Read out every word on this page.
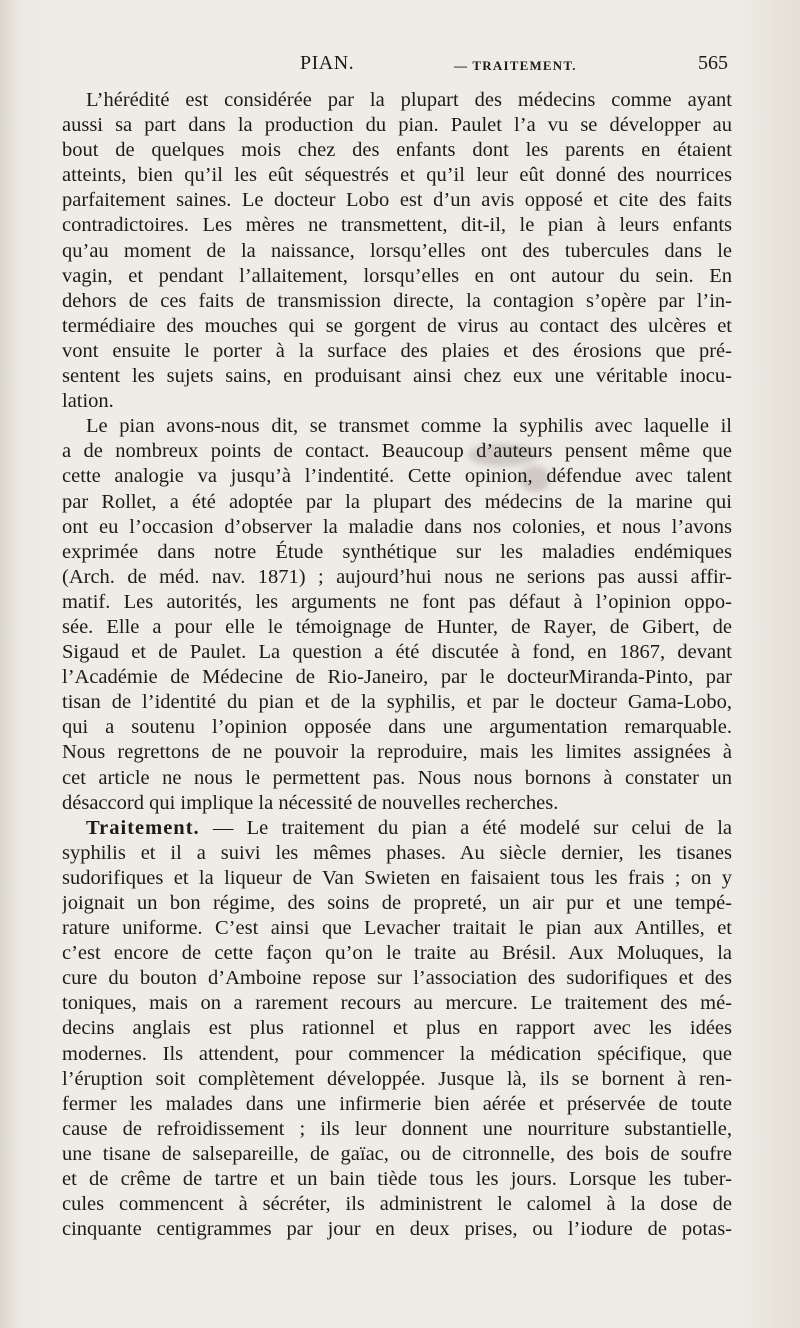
PIAN.	— TRAITEMENT.	565
L’hérédité est considérée par la plupart des médecins comme ayant
aussi sa part dans la production du pian. Paulet l’a vu se développer au
bout de quelques mois chez des enfants dont les parents en étaient
atteints, bien qu’il les eût séquestrés et qu’il leur eût donné des nourrices
parfaitement saines. Le docteur Lobo est d’un avis opposé et cite des faits
contradictoires. Les mères ne transmettent, dit-il, le pian à leurs enfants
qu’au moment de la naissance, lorsqu’elles ont des tubercules dans le
vagin, et pendant l’allaitement, lorsqu’elles en ont autour du sein. En
dehors de ces faits de transmission directe, la contagion s’opère par l’in-
termédiaire des mouches qui se gorgent de virus au contact des ulcères et
vont ensuite le porter à la surface des plaies et des érosions que pré-
sentent les sujets sains, en produisant ainsi chez eux une véritable inocu-
lation.
Le pian avons-nous dit, se transmet comme la syphilis avec laquelle il
a de nombreux points de contact. Beaucoup d’auteurs pensent même que
cette analogie va jusqu’à l’indentité. Cette opinion, défendue avec talent
par Rollet, a été adoptée par la plupart des médecins de la marine qui
ont eu l’occasion d’observer la maladie dans nos colonies, et nous l’avons
exprimée dans notre Étude synthétique sur les maladies endémiques
(Arch. de méd. nav. 1871) ; aujourd’hui nous ne serions pas aussi affir-
matif. Les autorités, les arguments ne font pas défaut à l’opinion oppo-
sée. Elle a pour elle le témoignage de Hunter, de Rayer, de Gibert, de
Sigaud et de Paulet. La question a été discutée à fond, en 1867, devant
l’Académie de Médecine de Rio-Janeiro, par le docteurMiranda-Pinto, par
tisan de l’identité du pian et de la syphilis, et par le docteur Gama-Lobo,
qui a soutenu l’opinion opposée dans une argumentation remarquable.
Nous regrettons de ne pouvoir la reproduire, mais les limites assignées à
cet article ne nous le permettent pas. Nous nous bornons à constater un
désaccord qui implique la nécessité de nouvelles recherches.
Traitement. — Le traitement du pian a été modelé sur celui de la
syphilis et il a suivi les mêmes phases. Au siècle dernier, les tisanes
sudorifiques et la liqueur de Van Swieten en faisaient tous les frais ; on y
joignait un bon régime, des soins de propreté, un air pur et une tempé-
rature uniforme. C’est ainsi que Levacher traitait le pian aux Antilles, et
c’est encore de cette façon qu’on le traite au Brésil. Aux Moluques, la
cure du bouton d’Amboine repose sur l’association des sudorifiques et des
toniques, mais on a rarement recours au mercure. Le traitement des mé-
decins anglais est plus rationnel et plus en rapport avec les idées
modernes. Ils attendent, pour commencer la médication spécifique, que
l’éruption soit complètement développée. Jusque là, ils se bornent à ren-
fermer les malades dans une infirmerie bien aérée et préservée de toute
cause de refroidissement ; ils leur donnent une nourriture substantielle,
une tisane de salsepareille, de gaïac, ou de citronnelle, des bois de soufre
et de crême de tartre et un bain tiède tous les jours. Lorsque les tuber-
cules commencent à sécréter, ils administrent le calomel à la dose de
cinquante centigrammes par jour en deux prises, ou l’iodure de potas-
